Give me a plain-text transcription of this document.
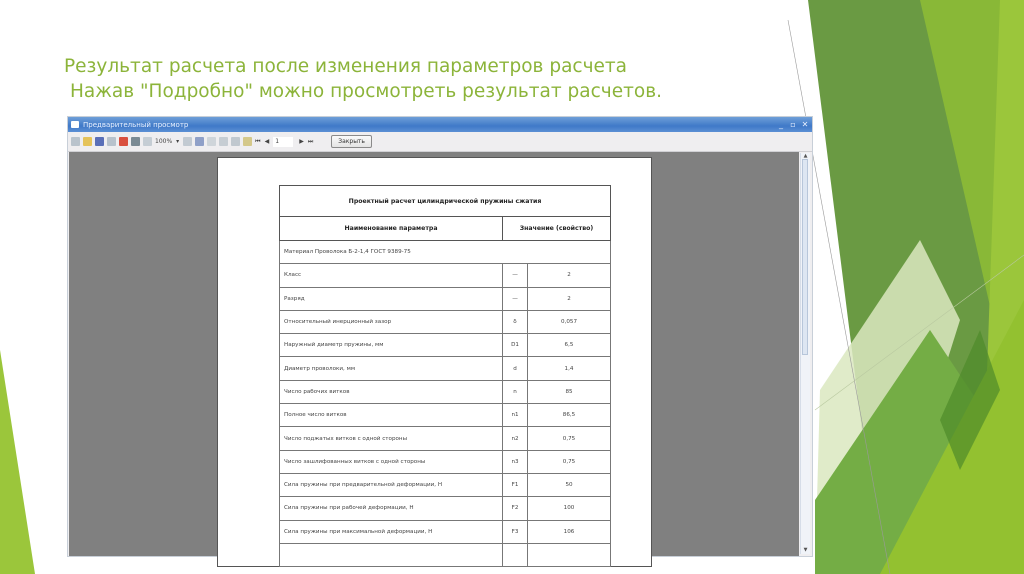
Результат расчета после изменения параметров расчета

Нажав "Подробно" можно просмотреть результат расчетов.
Предварительный просмотр	_ ▫ ✕
100% ▾	⏮ ◀	1	▶ ⏭	Закрыть
Проектный расчет цилиндрической пружины сжатия		
Наименование параметра	Значение (свойство)	
Материал Проволока Б-2-1,4 ГОСТ 9389-75		
Класс	—	2
Разряд	—	2
Относительный инерционный зазор	δ	0,057
Наружный диаметр пружины, мм	D1	6,5
Диаметр проволоки, мм	d	1,4
Число рабочих витков	n	85
Полное число витков	n1	86,5
Число поджатых витков с одной стороны	n2	0,75
Число зашлифованных витков с одной стороны	n3	0,75
Сила пружины при предварительной деформации, Н	F1	50
Сила пружины при рабочей деформации, Н	F2	100
Сила пружины при максимальной деформации, Н	F3	106

▲
▼
